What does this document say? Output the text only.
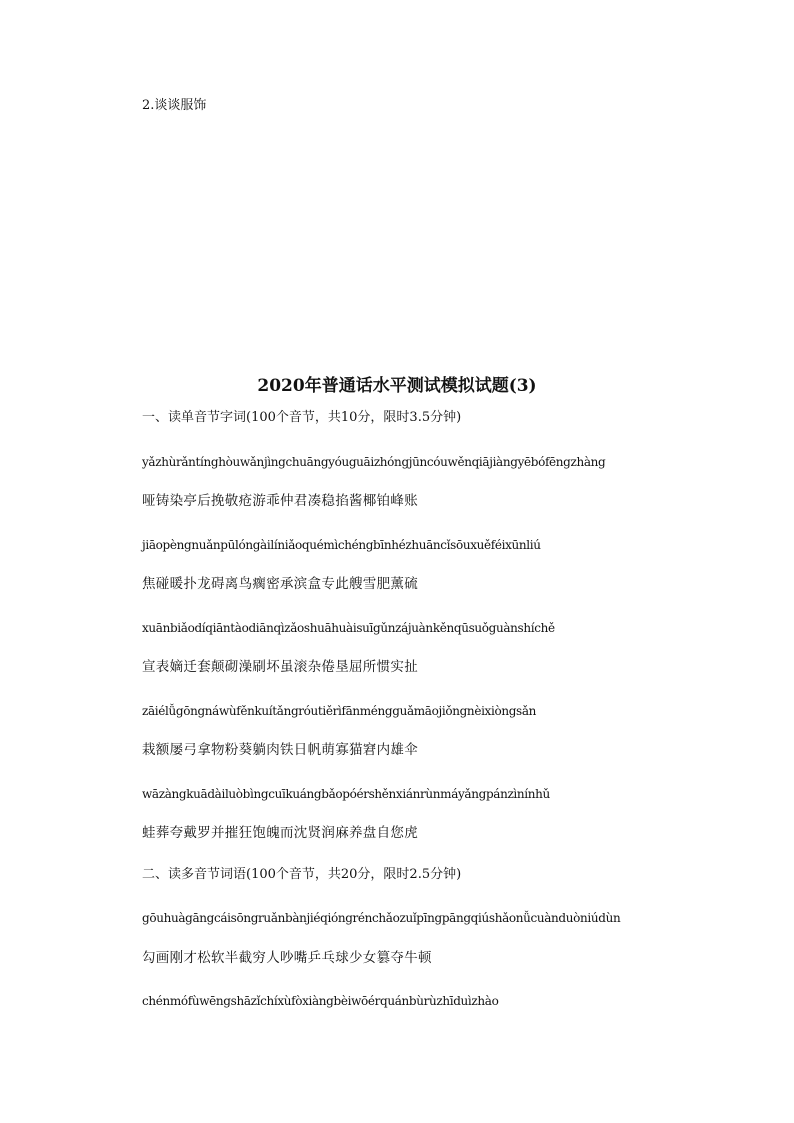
2.谈谈服饰
2020年普通话水平测试模拟试题(3)
一、读单音节字词(100个音节，共10分，限时3.5分钟)
yǎzhùrǎntínghòuwǎnjìngchuāngyóuguāizhóngjūncóuwěnqiājiàngyēbófēngzhàng
哑铸染亭后挽敬疮游乖仲君凑稳掐酱椰铂峰账
jiāopèngnuǎnpūlóngàilíniǎoquémìchéngbīnhézhuāncǐsōuxuěféixūnliú
焦碰暖扑龙碍离鸟瘸密承滨盒专此艘雪肥薰硫
xuānbiǎodíqiāntàodiānqìzǎoshuāhuàisuīgǔnzájuànkěnqūsuǒguànshíchě
宣表嫡迁套颠砌澡刷坏虽滚杂倦垦屈所惯实扯
zāiélǚgōngnáwùfěnkuítǎngróutiěrìfānméngguǎmāojiǒngnèixiòngsǎn
栽额屡弓拿物粉葵躺肉铁日帆萌寡猫窘内雄伞
wāzàngkuādàiluòbìngcuīkuángbǎopóérshěnxiánrùnmáyǎngpánzìnínhǔ
蛙葬夸戴罗并摧狂饱魄而沈贤润麻养盘自您虎
二、读多音节词语(100个音节，共20分，限时2.5分钟)
gōuhuàgāngcáisōngruǎnbànjiéqióngrénchǎozuǐpīngpāngqiúshǎonǚcuànduòniúdùn
勾画刚才松软半截穷人吵嘴乒乓球少女篡夺牛顿
chénmófùwēngshāzǐchíxùfòxiàngbèiwōérquánbùrùzhīduìzhào
